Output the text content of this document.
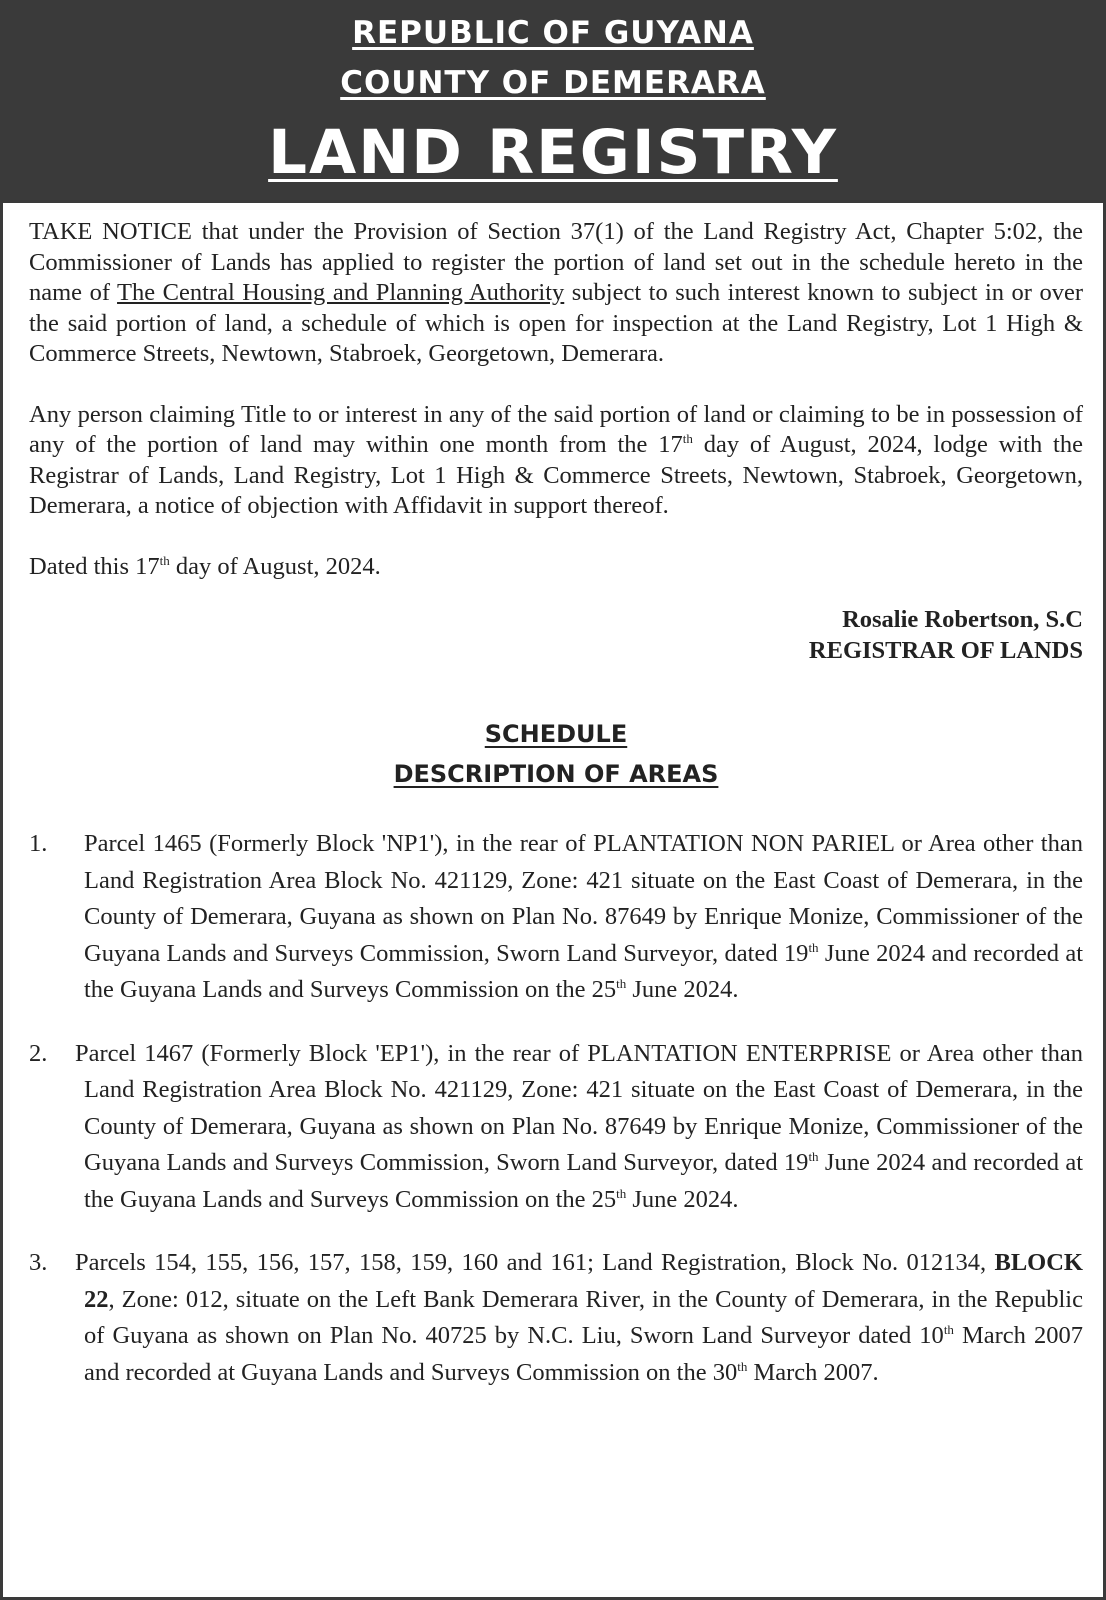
REPUBLIC OF GUYANA
COUNTY OF DEMERARA
LAND REGISTRY

TAKE NOTICE that under the Provision of Section 37(1) of the Land Registry Act, Chapter 5:02, the Commissioner of Lands has applied to register the portion of land set out in the schedule hereto in the name of The Central Housing and Planning Authority subject to such interest known to subject in or over the said portion of land, a schedule of which is open for inspection at the Land Registry, Lot 1 High & Commerce Streets, Newtown, Stabroek, Georgetown, Demerara.

Any person claiming Title to or interest in any of the said portion of land or claiming to be in possession of any of the portion of land may within one month from the 17th day of August, 2024, lodge with the Registrar of Lands, Land Registry, Lot 1 High & Commerce Streets, Newtown, Stabroek, Georgetown, Demerara, a notice of objection with Affidavit in support thereof.

Dated this 17th day of August, 2024.

Rosalie Robertson, S.C
REGISTRAR OF LANDS
SCHEDULE
DESCRIPTION OF AREAS
1. Parcel 1465 (Formerly Block 'NP1'), in the rear of PLANTATION NON PARIEL or Area other than Land Registration Area Block No. 421129, Zone: 421 situate on the East Coast of Demerara, in the County of Demerara, Guyana as shown on Plan No. 87649 by Enrique Monize, Commissioner of the Guyana Lands and Surveys Commission, Sworn Land Surveyor, dated 19th June 2024 and recorded at the Guyana Lands and Surveys Commission on the 25th June 2024.
2. Parcel 1467 (Formerly Block 'EP1'), in the rear of PLANTATION ENTERPRISE or Area other than Land Registration Area Block No. 421129, Zone: 421 situate on the East Coast of Demerara, in the County of Demerara, Guyana as shown on Plan No. 87649 by Enrique Monize, Commissioner of the Guyana Lands and Surveys Commission, Sworn Land Surveyor, dated 19th June 2024 and recorded at the Guyana Lands and Surveys Commission on the 25th June 2024.
3. Parcels 154, 155, 156, 157, 158, 159, 160 and 161; Land Registration, Block No. 012134, BLOCK 22, Zone: 012, situate on the Left Bank Demerara River, in the County of Demerara, in the Republic of Guyana as shown on Plan No. 40725 by N.C. Liu, Sworn Land Surveyor dated 10th March 2007 and recorded at Guyana Lands and Surveys Commission on the 30th March 2007.
